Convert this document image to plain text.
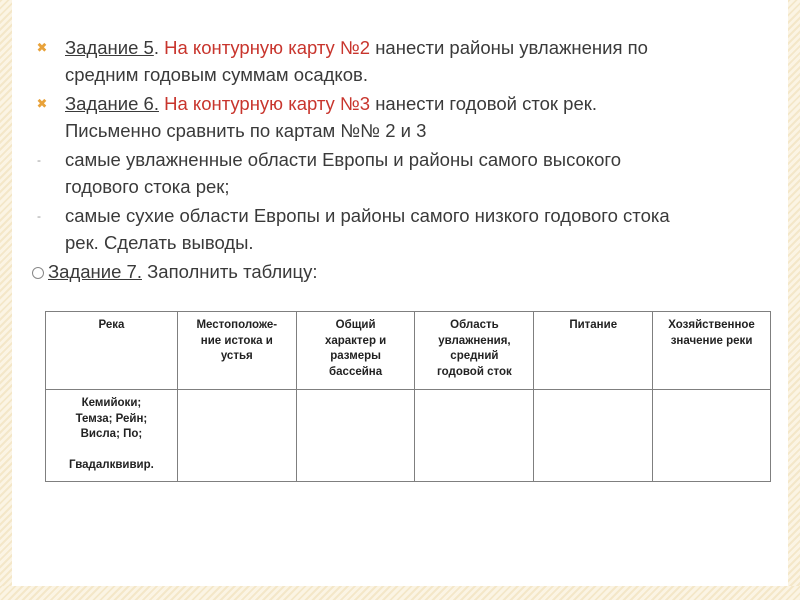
✖ Задание 5. На контурную карту №2 нанести районы увлажнения по
средним годовым суммам осадков.
✖ Задание 6. На контурную карту №3 нанести годовой сток рек.
Письменно сравнить по картам №№ 2 и 3
- самые увлажненные области Европы и районы самого высокого
годового стока рек;
- самые сухие области Европы и районы самого низкого годового стока
рек. Сделать выводы.
Задание 7. Заполнить таблицу:
Река	Местоположе-
ние истока и
устья	Общий
характер и
размеры
бассейна	Область
увлажнения,
средний
годовой сток	Питание	Хозяйственное
значение реки
Кемийоки;
Темза; Рейн;
Висла; По;

Гвадалквивир.					
